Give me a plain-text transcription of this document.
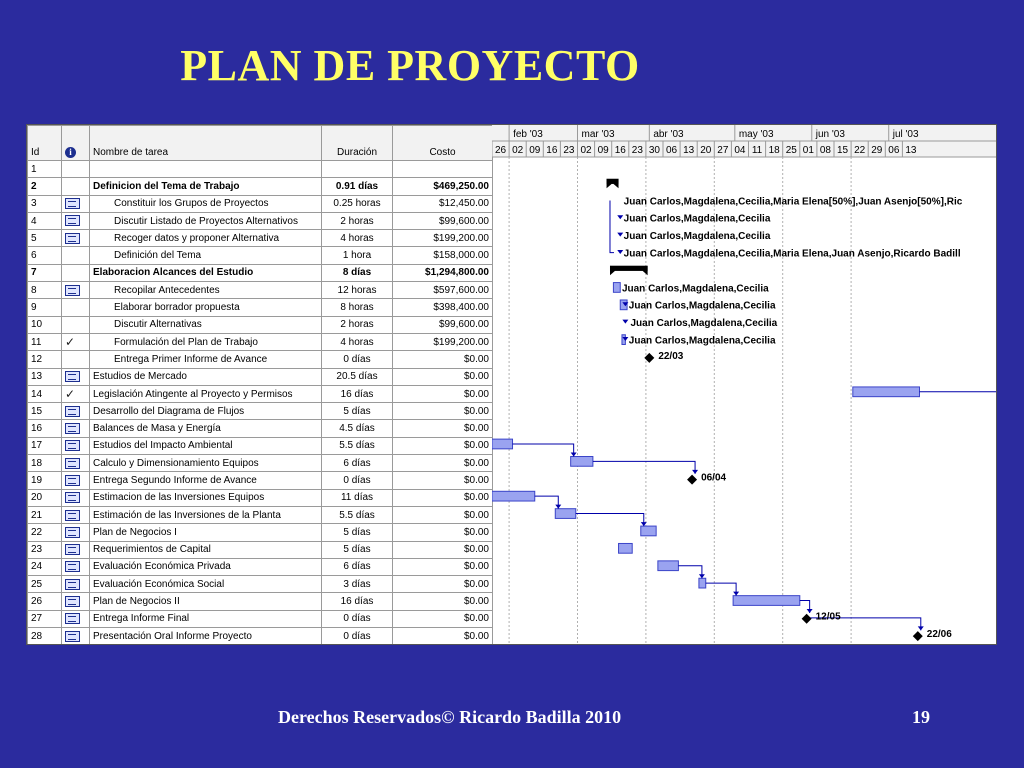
PLAN DE PROYECTO
Id	i	Nombre de tarea	Duración	Costo
1				
2		Definicion del Tema de Trabajo	0.91 días	$469,250.00
3		Constituir los Grupos de Proyectos	0.25 horas	$12,450.00
4		Discutir Listado de Proyectos Alternativos	2 horas	$99,600.00
5		Recoger datos y proponer Alternativa	4 horas	$199,200.00
6		Definición del Tema	1 hora	$158,000.00
7		Elaboracion Alcances del Estudio	8 días	$1,294,800.00
8		Recopilar Antecedentes	12 horas	$597,600.00
9		Elaborar borrador propuesta	8 horas	$398,400.00
10		Discutir Alternativas	2 horas	$99,600.00
11	✓	Formulación del Plan de Trabajo	4 horas	$199,200.00
12		Entrega Primer Informe de Avance	0 días	$0.00
13		Estudios de Mercado	20.5 días	$0.00
14	✓	Legislación Atingente al Proyecto y Permisos	16 días	$0.00
15		Desarrollo del Diagrama de Flujos	5 días	$0.00
16		Balances de Masa y Energía	4.5 días	$0.00
17		Estudios del Impacto Ambiental	5.5 días	$0.00
18		Calculo y Dimensionamiento Equipos	6 días	$0.00
19		Entrega Segundo Informe de Avance	0 días	$0.00
20		Estimacion de las Inversiones Equipos	11 días	$0.00
21		Estimación de las Inversiones de la Planta	5.5 días	$0.00
22		Plan de Negocios I	5 días	$0.00
23		Requerimientos de Capital	5 días	$0.00
24		Evaluación Económica Privada	6 días	$0.00
25		Evaluación Económica Social	3 días	$0.00
26		Plan de Negocios II	16 días	$0.00
27		Entrega Informe Final	0 días	$0.00
28		Presentación Oral Informe Proyecto	0 días	$0.00
26 02 09 16 23 02 09 16 23 30 06 13 20 27 04 11 18 25 01 08 15 22 29 06 13
feb '03	mar '03	abr '03	may '03	jun '03	jul '03
Juan Carlos,Magdalena,Cecilia,Maria Elena[50%],Juan Asenjo[50%],Ric
Juan Carlos,Magdalena,Cecilia
Juan Carlos,Magdalena,Cecilia
Juan Carlos,Magdalena,Cecilia,Maria Elena,Juan Asenjo,Ricardo Badill
Juan Carlos,Magdalena,Cecilia
Juan Carlos,Magdalena,Cecilia
Juan Carlos,Magdalena,Cecilia
Juan Carlos,Magdalena,Cecilia
22/03
06/04
12/05
22/06
Derechos Reservados© Ricardo Badilla 2010	19
